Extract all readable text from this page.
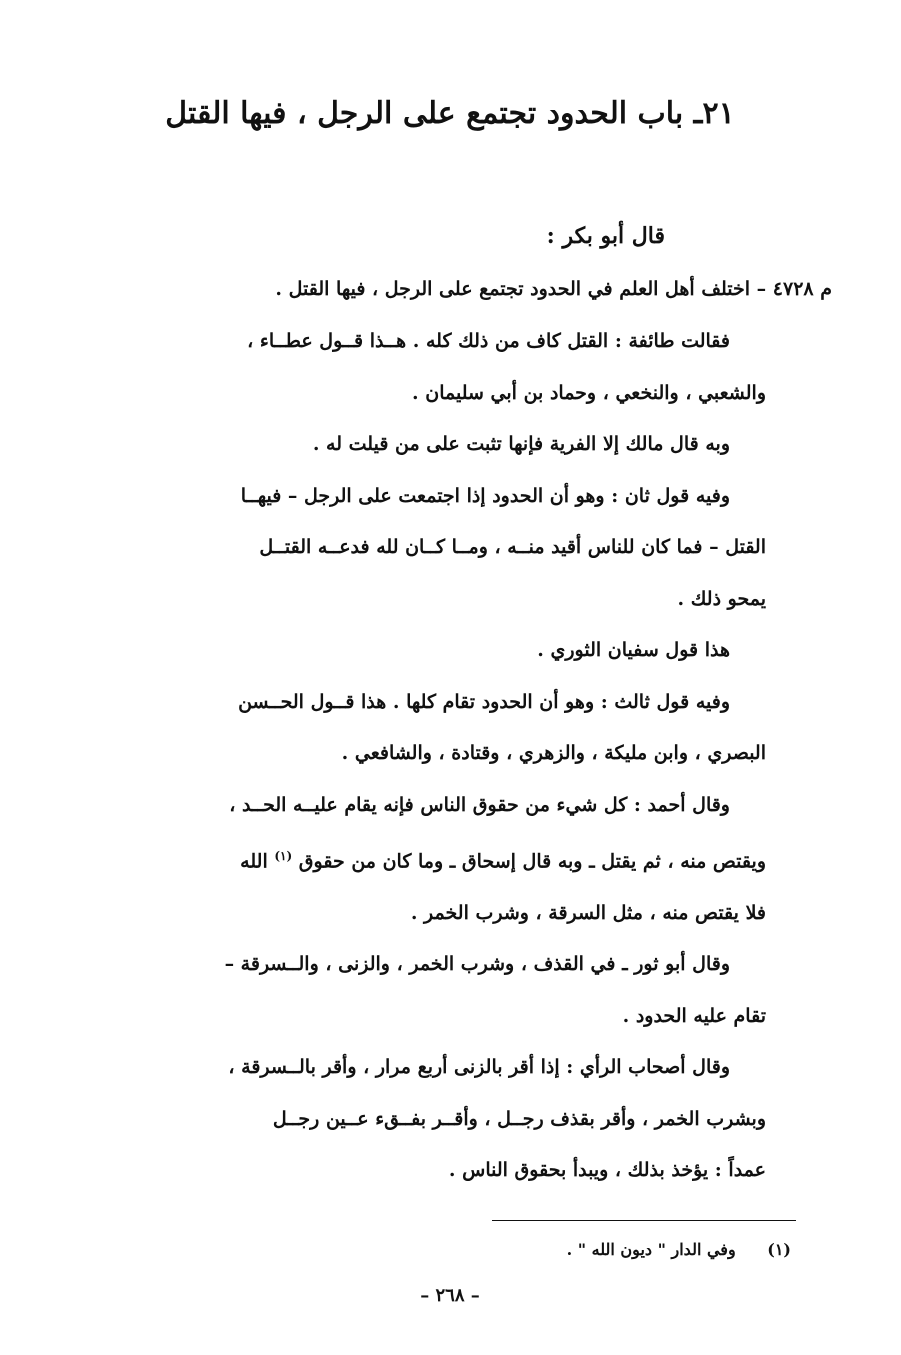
٢١ـ باب الحدود تجتمع على الرجل ، فيها القتل
قال أبو بكر :
م ٤٧٢٨ – اختلف أهل العلم في الحدود تجتمع على الرجل ، فيها القتل .

فقالت طائفة : القتل كاف من ذلك كله . هــذا قــول عطــاء ،
والشعبي ، والنخعي ، وحماد بن أبي سليمان .

وبه قال مالك إلا الفرية فإنها تثبت على من قيلت له .

وفيه قول ثان : وهو أن الحدود إذا اجتمعت على الرجل – فيهــا
القتل – فما كان للناس أقيد منــه ، ومــا كــان لله فدعــه القتــل
يمحو ذلك .

هذا قول سفيان الثوري .

وفيه قول ثالث : وهو أن الحدود تقام كلها . هذا قــول الحــسن
البصري ، وابن مليكة ، والزهري ، وقتادة ، والشافعي .

وقال أحمد : كل شيء من حقوق الناس فإنه يقام عليــه الحــد ،
ويقتص منه ، ثم يقتل ـ وبه قال إسحاق ـ وما كان من حقوق $^{(١)}$ الله
فلا يقتص منه ، مثل السرقة ، وشرب الخمر .

وقال أبو ثور ـ في القذف ، وشرب الخمر ، والزنى ، والــسرقة –
تقام عليه الحدود .

وقال أصحاب الرأي : إذا أقر بالزنى أربع مرار ، وأقر بالــسرقة ،
وبشرب الخمر ، وأقر بقذف رجــل ، وأقــر بفــقء عــين رجــل
عمداً : يؤخذ بذلك ، ويبدأ بحقوق الناس .

(١) وفي الدار " ديون الله " .
– ٢٦٨ –
